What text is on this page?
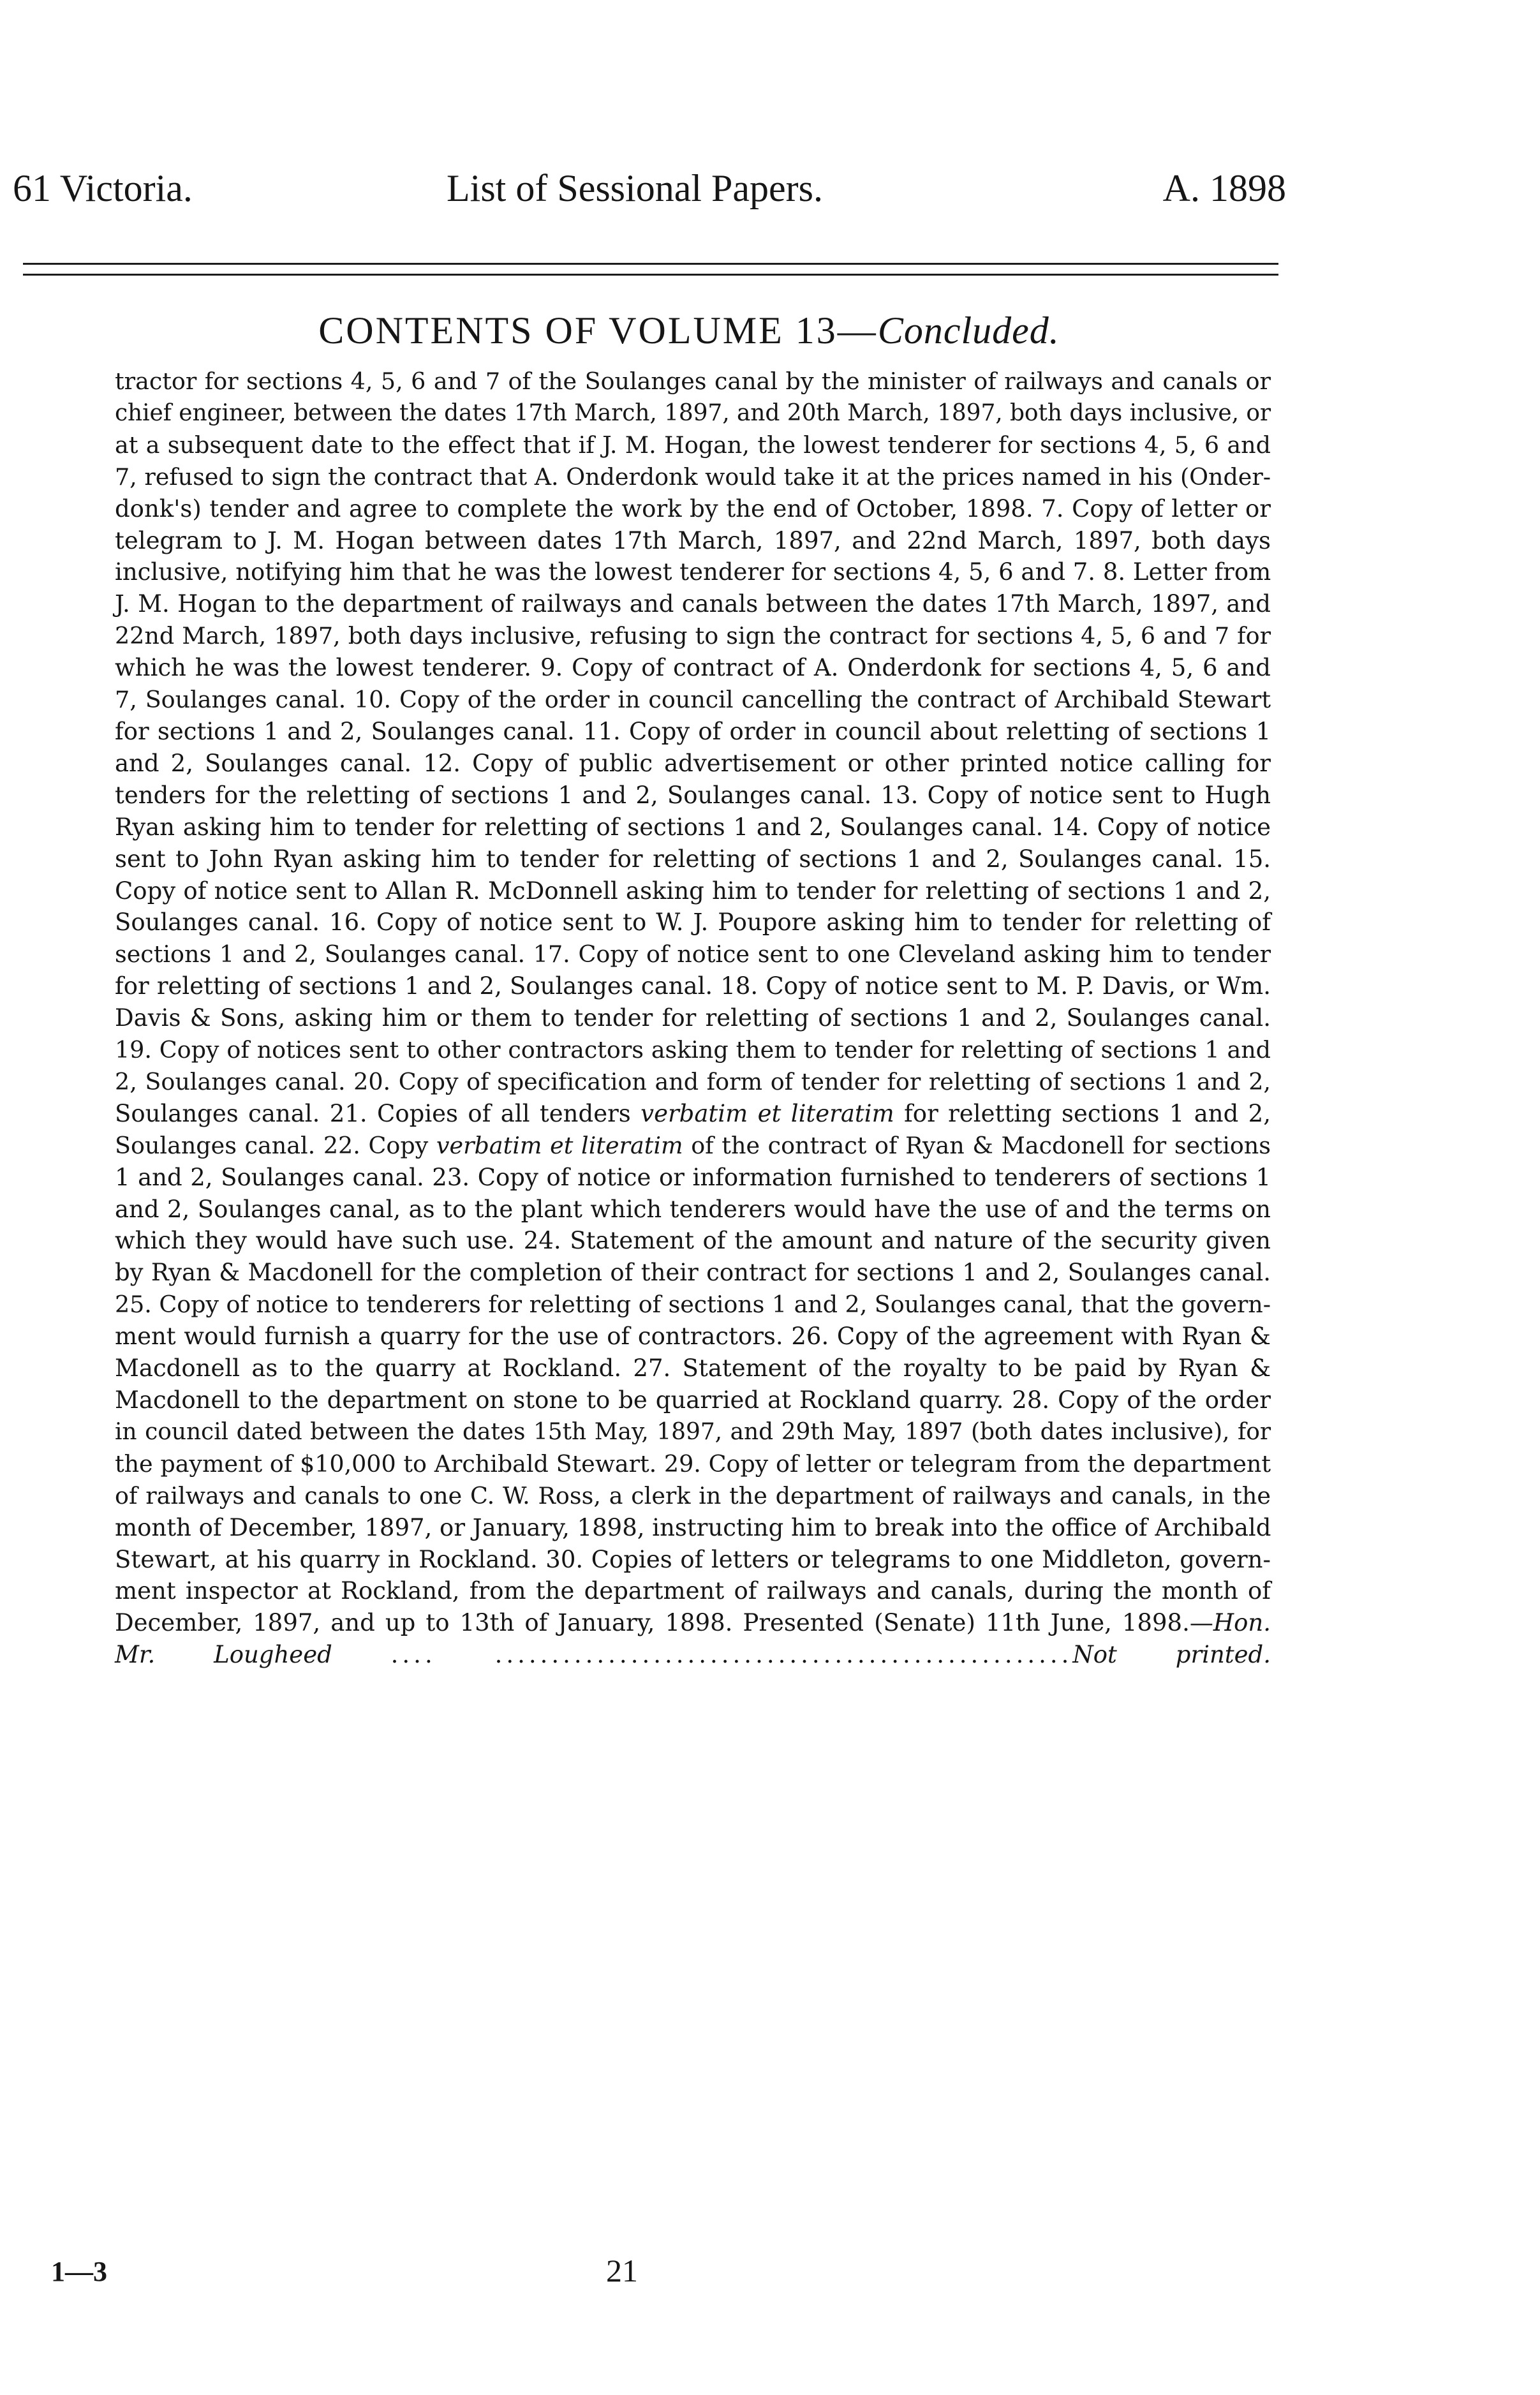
61 Victoria.	List of Sessional Papers.	A. 1898
CONTENTS OF VOLUME 13—Concluded.
tractor for sections 4, 5, 6 and 7 of the Soulanges canal by the minister of railways and canals or
chief engineer, between the dates 17th March, 1897, and 20th March, 1897, both days inclusive, or
at a subsequent date to the effect that if J. M. Hogan, the lowest tenderer for sections 4, 5, 6 and
7, refused to sign the contract that A. Onderdonk would take it at the prices named in his (Onder-
donk's) tender and agree to complete the work by the end of October, 1898. 7. Copy of letter or
telegram to J. M. Hogan between dates 17th March, 1897, and 22nd March, 1897, both days
inclusive, notifying him that he was the lowest tenderer for sections 4, 5, 6 and 7. 8. Letter from
J. M. Hogan to the department of railways and canals between the dates 17th March, 1897, and
22nd March, 1897, both days inclusive, refusing to sign the contract for sections 4, 5, 6 and 7 for
which he was the lowest tenderer. 9. Copy of contract of A. Onderdonk for sections 4, 5, 6 and
7, Soulanges canal. 10. Copy of the order in council cancelling the contract of Archibald Stewart
for sections 1 and 2, Soulanges canal. 11. Copy of order in council about reletting of sections 1
and 2, Soulanges canal. 12. Copy of public advertisement or other printed notice calling for
tenders for the reletting of sections 1 and 2, Soulanges canal. 13. Copy of notice sent to Hugh
Ryan asking him to tender for reletting of sections 1 and 2, Soulanges canal. 14. Copy of notice
sent to John Ryan asking him to tender for reletting of sections 1 and 2, Soulanges canal. 15.
Copy of notice sent to Allan R. McDonnell asking him to tender for reletting of sections 1 and 2,
Soulanges canal. 16. Copy of notice sent to W. J. Poupore asking him to tender for reletting of
sections 1 and 2, Soulanges canal. 17. Copy of notice sent to one Cleveland asking him to tender
for reletting of sections 1 and 2, Soulanges canal. 18. Copy of notice sent to M. P. Davis, or Wm.
Davis & Sons, asking him or them to tender for reletting of sections 1 and 2, Soulanges canal.
19. Copy of notices sent to other contractors asking them to tender for reletting of sections 1 and
2, Soulanges canal. 20. Copy of specification and form of tender for reletting of sections 1 and 2,
Soulanges canal. 21. Copies of all tenders verbatim et literatim for reletting sections 1 and 2,
Soulanges canal. 22. Copy verbatim et literatim of the contract of Ryan & Macdonell for sections
1 and 2, Soulanges canal. 23. Copy of notice or information furnished to tenderers of sections 1
and 2, Soulanges canal, as to the plant which tenderers would have the use of and the terms on
which they would have such use. 24. Statement of the amount and nature of the security given
by Ryan & Macdonell for the completion of their contract for sections 1 and 2, Soulanges canal.
25. Copy of notice to tenderers for reletting of sections 1 and 2, Soulanges canal, that the govern-
ment would furnish a quarry for the use of contractors. 26. Copy of the agreement with Ryan &
Macdonell as to the quarry at Rockland. 27. Statement of the royalty to be paid by Ryan &
Macdonell to the department on stone to be quarried at Rockland quarry. 28. Copy of the order
in council dated between the dates 15th May, 1897, and 29th May, 1897 (both dates inclusive), for
the payment of $10,000 to Archibald Stewart. 29. Copy of letter or telegram from the department
of railways and canals to one C. W. Ross, a clerk in the department of railways and canals, in the
month of December, 1897, or January, 1898, instructing him to break into the office of Archibald
Stewart, at his quarry in Rockland. 30. Copies of letters or telegrams to one Middleton, govern-
ment inspector at Rockland, from the department of railways and canals, during the month of
December, 1897, and up to 13th of January, 1898. Presented (Senate) 11th June, 1898.—Hon.
Mr. Lougheed .... ...................................................Not printed.
1—3	21
